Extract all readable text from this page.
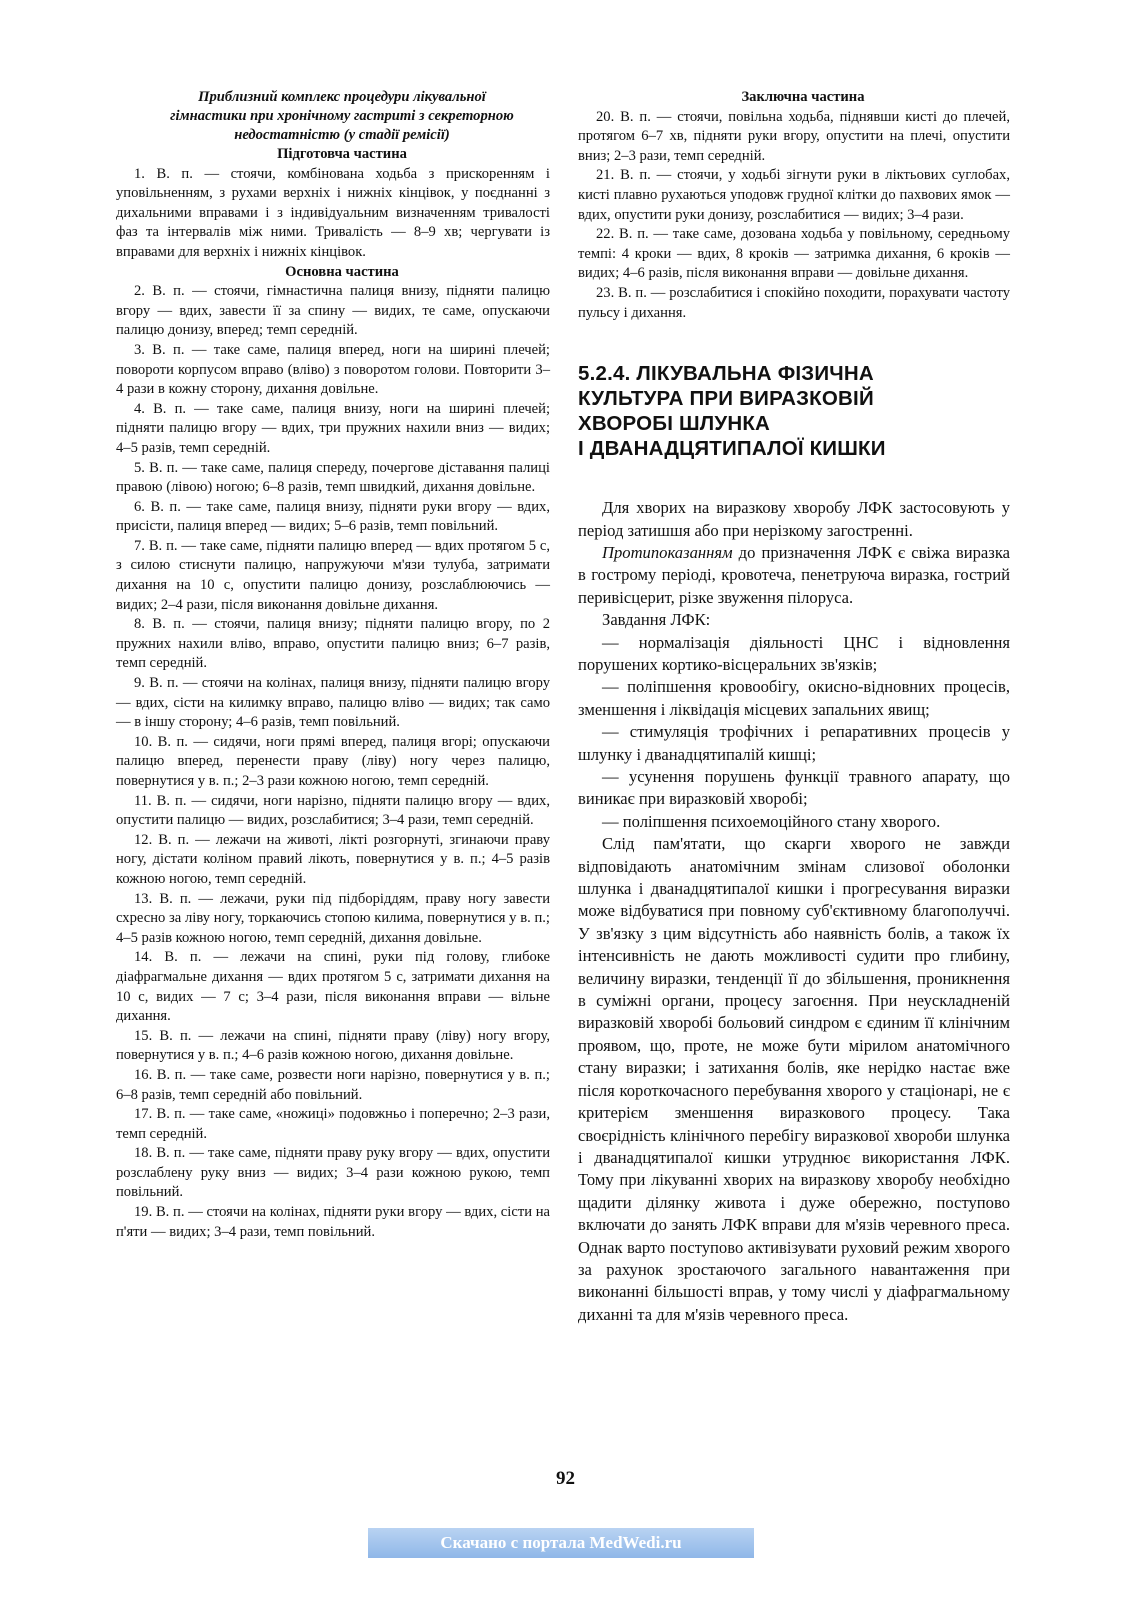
Приблизний комплекс процедури лікувальної

гімнастики при хронічному гастриті з секреторною

недостатністю (у стадії ремісії)

Підготовча частина

1. В. п. — стоячи, комбінована ходьба з прискоренням і уповільненням, з рухами верхніх і нижніх кінцівок, у поєднанні з дихальними вправами і з індивідуальним визначенням тривалості фаз та інтервалів між ними. Тривалість — 8–9 хв; чергувати із вправами для верхніх і нижніх кінцівок.

Основна частина

2. В. п. — стоячи, гімнастична палиця внизу, підняти палицю вгору — вдих, завести її за спину — видих, те саме, опускаючи палицю донизу, вперед; темп середній.

3. В. п. — таке саме, палиця вперед, ноги на ширині плечей; повороти корпусом вправо (вліво) з поворотом голови. Повторити 3–4 рази в кожну сторону, дихання довільне.

4. В. п. — таке саме, палиця внизу, ноги на ширині плечей; підняти палицю вгору — вдих, три пружних нахили вниз — видих; 4–5 разів, темп середній.

5. В. п. — таке саме, палиця спереду, почергове діставання палиці правою (лівою) ногою; 6–8 разів, темп швидкий, дихання довільне.

6. В. п. — таке саме, палиця внизу, підняти руки вгору — вдих, присісти, палиця вперед — видих; 5–6 разів, темп повільний.

7. В. п. — таке саме, підняти палицю вперед — вдих протягом 5 с, з силою стиснути палицю, напружуючи м'язи тулуба, затримати дихання на 10 с, опустити палицю донизу, розслаблюючись — видих; 2–4 рази, після виконання довільне дихання.

8. В. п. — стоячи, палиця внизу; підняти палицю вгору, по 2 пружних нахили вліво, вправо, опустити палицю вниз; 6–7 разів, темп середній.

9. В. п. — стоячи на колінах, палиця внизу, підняти палицю вгору — вдих, сісти на килимку вправо, палицю вліво — видих; так само — в іншу сторону; 4–6 разів, темп повільний.

10. В. п. — сидячи, ноги прямі вперед, палиця вгорі; опускаючи палицю вперед, перенести праву (ліву) ногу через палицю, повернутися у в. п.; 2–3 рази кожною ногою, темп середній.

11. В. п. — сидячи, ноги нарізно, підняти палицю вгору — вдих, опустити палицю — видих, розслабитися; 3–4 рази, темп середній.

12. В. п. — лежачи на животі, лікті розгорнуті, згинаючи праву ногу, дістати коліном правий лікоть, повернутися у в. п.; 4–5 разів кожною ногою, темп середній.

13. В. п. — лежачи, руки під підборіддям, праву ногу завести схресно за ліву ногу, торкаючись стопою килима, повернутися у в. п.; 4–5 разів кожною ногою, темп середній, дихання довільне.

14. В. п. — лежачи на спині, руки під голову, глибоке діафрагмальне дихання — вдих протягом 5 с, затримати дихання на 10 с, видих — 7 с; 3–4 рази, після виконання вправи — вільне дихання.

15. В. п. — лежачи на спині, підняти праву (ліву) ногу вгору, повернутися у в. п.; 4–6 разів кожною ногою, дихання довільне.

16. В. п. — таке саме, розвести ноги нарізно, повернутися у в. п.; 6–8 разів, темп середній або повільний.

17. В. п. — таке саме, «ножиці» подовжньо і поперечно; 2–3 рази, темп середній.

18. В. п. — таке саме, підняти праву руку вгору — вдих, опустити розслаблену руку вниз — видих; 3–4 рази кожною рукою, темп повільний.

19. В. п. — стоячи на колінах, підняти руки вгору — вдих, сісти на п'яти — видих; 3–4 рази, темп повільний.

Заключна частина

20. В. п. — стоячи, повільна ходьба, піднявши кисті до плечей, протягом 6–7 хв, підняти руки вгору, опустити на плечі, опустити вниз; 2–3 рази, темп середній.

21. В. п. — стоячи, у ходьбі зігнути руки в ліктьових суглобах, кисті плавно рухаються уподовж грудної клітки до пахвових ямок — вдих, опустити руки донизу, розслабитися — видих; 3–4 рази.

22. В. п. — таке саме, дозована ходьба у повільному, середньому темпі: 4 кроки — вдих, 8 кроків — затримка дихання, 6 кроків — видих; 4–6 разів, після виконання вправи — довільне дихання.

23. В. п. — розслабитися і спокійно походити, порахувати частоту пульсу і дихання.

5.2.4. ЛІКУВАЛЬНА ФІЗИЧНА
КУЛЬТУРА ПРИ ВИРАЗКОВІЙ
ХВОРОБІ ШЛУНКА
І ДВАНАДЦЯТИПАЛОЇ КИШКИ

Для хворих на виразкову хворобу ЛФК застосовують у період затишшя або при нерізкому загостренні.

Протипоказанням до призначення ЛФК є свіжа виразка в гострому періоді, кровотеча, пенетруюча виразка, гострий перивісцерит, різке звуження пілоруса.

Завдання ЛФК:

— нормалізація діяльності ЦНС і відновлення порушених кортико-вісцеральних зв'язків;

— поліпшення кровообігу, окисно-відновних процесів, зменшення і ліквідація місцевих запальних явищ;

— стимуляція трофічних і репаративних процесів у шлунку і дванадцятипалій кишці;

— усунення порушень функції травного апарату, що виникає при виразковій хворобі;

— поліпшення психоемоційного стану хворого.

Слід пам'ятати, що скарги хворого не завжди відповідають анатомічним змінам слизової оболонки шлунка і дванадцятипалої кишки і прогресування виразки може відбуватися при повному суб'єктивному благополуччі. У зв'язку з цим відсутність або наявність болів, а також їх інтенсивність не дають можливості судити про глибину, величину виразки, тенденції її до збільшення, проникнення в суміжні органи, процесу загоєння. При неускладненій виразковій хворобі больовий синдром є єдиним її клінічним проявом, що, проте, не може бути мірилом анатомічного стану виразки; і затихання болів, яке нерідко настає вже після короткочасного перебування хворого у стаціонарі, не є критерієм зменшення виразкового процесу. Така своєрідність клінічного перебігу виразкової хвороби шлунка і дванадцятипалої кишки утруднює використання ЛФК. Тому при лікуванні хворих на виразкову хворобу необхідно щадити ділянку живота і дуже обережно, поступово включати до занять ЛФК вправи для м'язів черевного преса. Однак варто поступово активізувати руховий режим хворого за рахунок зростаючого загального навантаження при виконанні більшості вправ, у тому числі у діафрагмальному диханні та для м'язів черевного преса.

92
Скачано с портала MedWedi.ru
